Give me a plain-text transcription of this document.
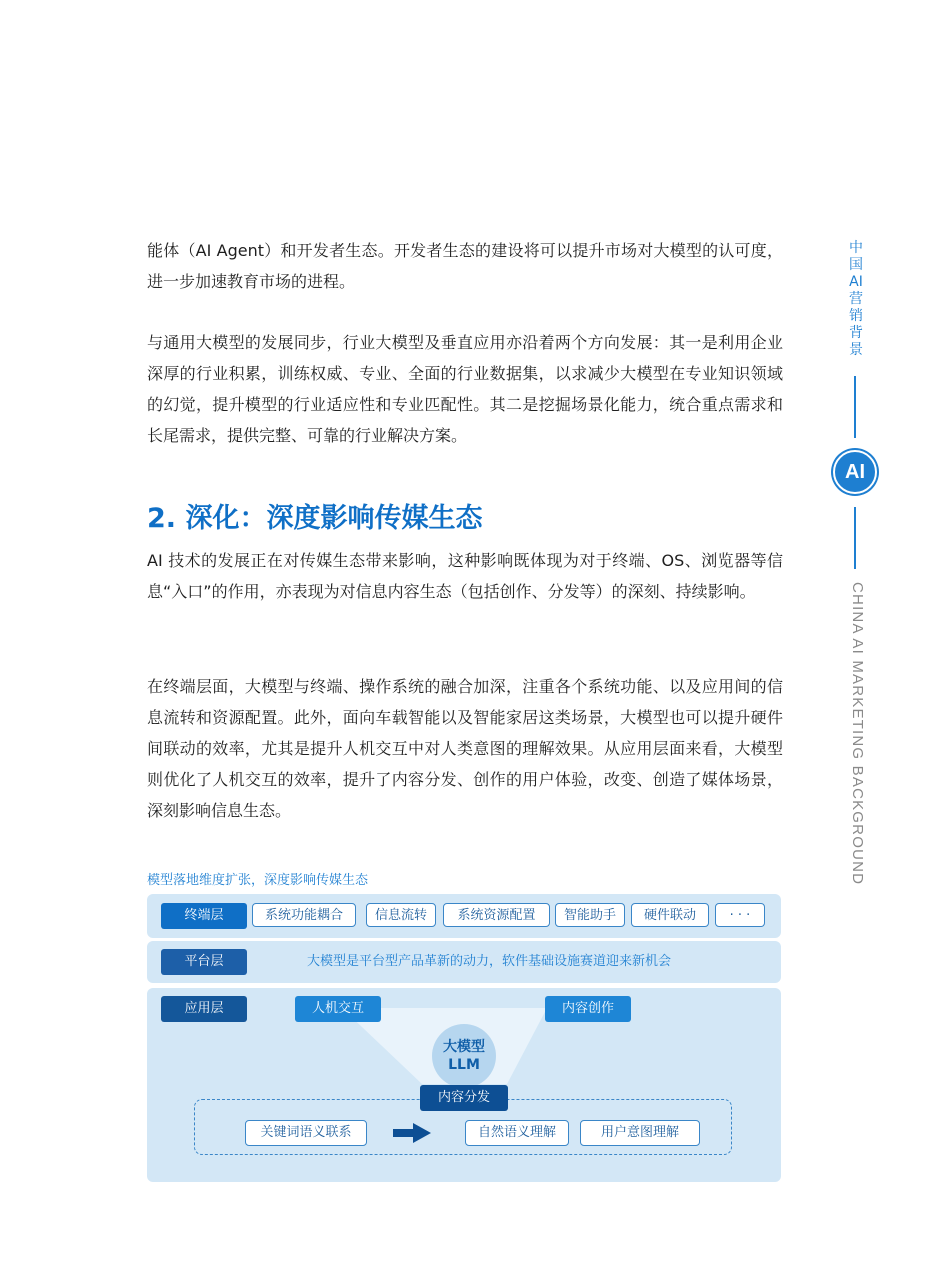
能体（AI Agent）和开发者生态。开发者生态的建设将可以提升市场对大模型的认可度，进一步加速教育市场的进程。

与通用大模型的发展同步，行业大模型及垂直应用亦沿着两个方向发展：其一是利用企业深厚的行业积累，训练权威、专业、全面的行业数据集，以求减少大模型在专业知识领域的幻觉，提升模型的行业适应性和专业匹配性。其二是挖掘场景化能力，统合重点需求和长尾需求，提供完整、可靠的行业解决方案。

2. 深化：深度影响传媒生态

AI 技术的发展正在对传媒生态带来影响，这种影响既体现为对于终端、OS、浏览器等信息“入口”的作用，亦表现为对信息内容生态（包括创作、分发等）的深刻、持续影响。

在终端层面，大模型与终端、操作系统的融合加深，注重各个系统功能、以及应用间的信息流转和资源配置。此外，面向车载智能以及智能家居这类场景，大模型也可以提升硬件间联动的效率，尤其是提升人机交互中对人类意图的理解效果。从应用层面来看，大模型则优化了人机交互的效率，提升了内容分发、创作的用户体验，改变、创造了媒体场景，深刻影响信息生态。

中国AI营销背景
AI
CHINA AI MARKETING BACKGROUND

模型落地维度扩张，深度影响传媒生态

终端层	系统功能耦合	信息流转	系统资源配置	智能助手	硬件联动	· · ·
平台层	大模型是平台型产品革新的动力，软件基础设施赛道迎来新机会
应用层	人机交互	内容创作
大模型
LLM
内容分发
关键词语义联系	自然语义理解	用户意图理解
